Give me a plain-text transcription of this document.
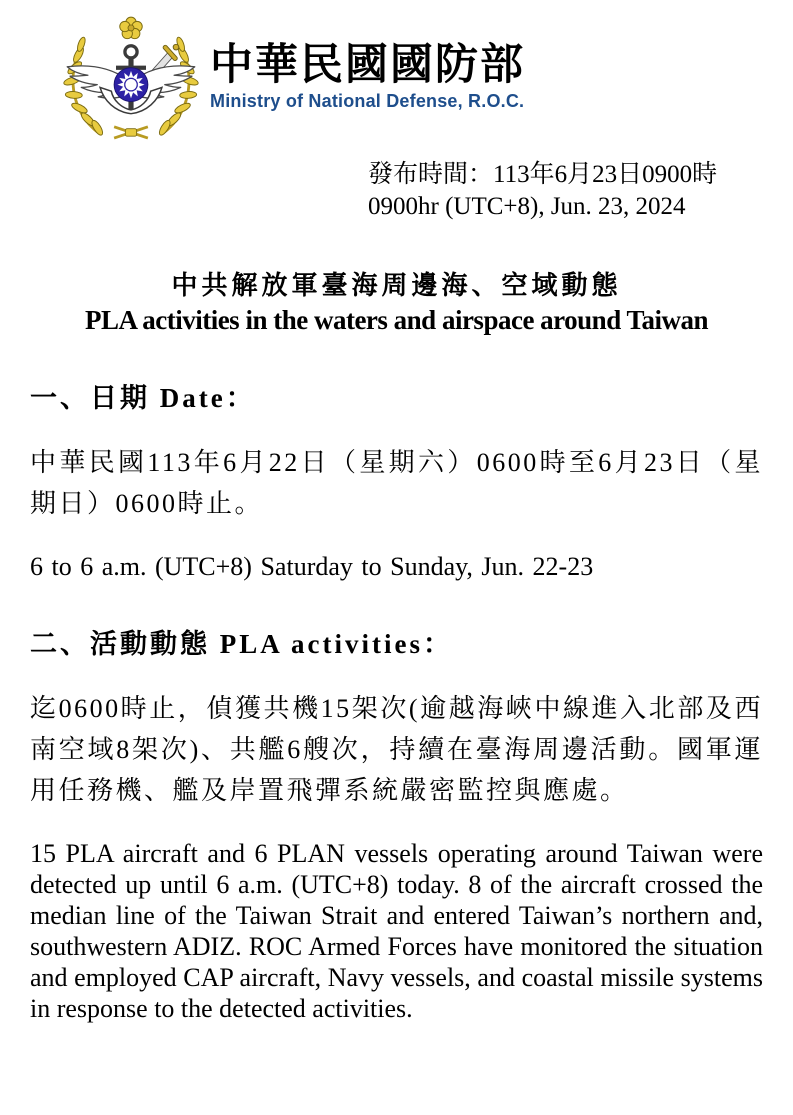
中華民國國防部
Ministry of National Defense, R.O.C.
發布時間：113年6月23日0900時
0900hr (UTC+8), Jun. 23, 2024
中共解放軍臺海周邊海、空域動態
PLA activities in the waters and airspace around Taiwan
一、日期 Date：

中華民國113年6月22日（星期六）0600時至6月23日（星期日）0600時止。

6 to 6 a.m. (UTC+8) Saturday to Sunday, Jun. 22-23

二、活動動態 PLA activities：

迄0600時止，偵獲共機15架次(逾越海峽中線進入北部及西南空域8架次)、共艦6艘次，持續在臺海周邊活動。國軍運用任務機、艦及岸置飛彈系統嚴密監控與應處。

15 PLA aircraft and 6 PLAN vessels operating around Taiwan were detected up until 6 a.m. (UTC+8) today. 8 of the aircraft crossed the median line of the Taiwan Strait and entered Taiwan’s northern and, southwestern ADIZ. ROC Armed Forces have monitored the situation and employed CAP aircraft, Navy vessels, and coastal missile systems in response to the detected activities.
